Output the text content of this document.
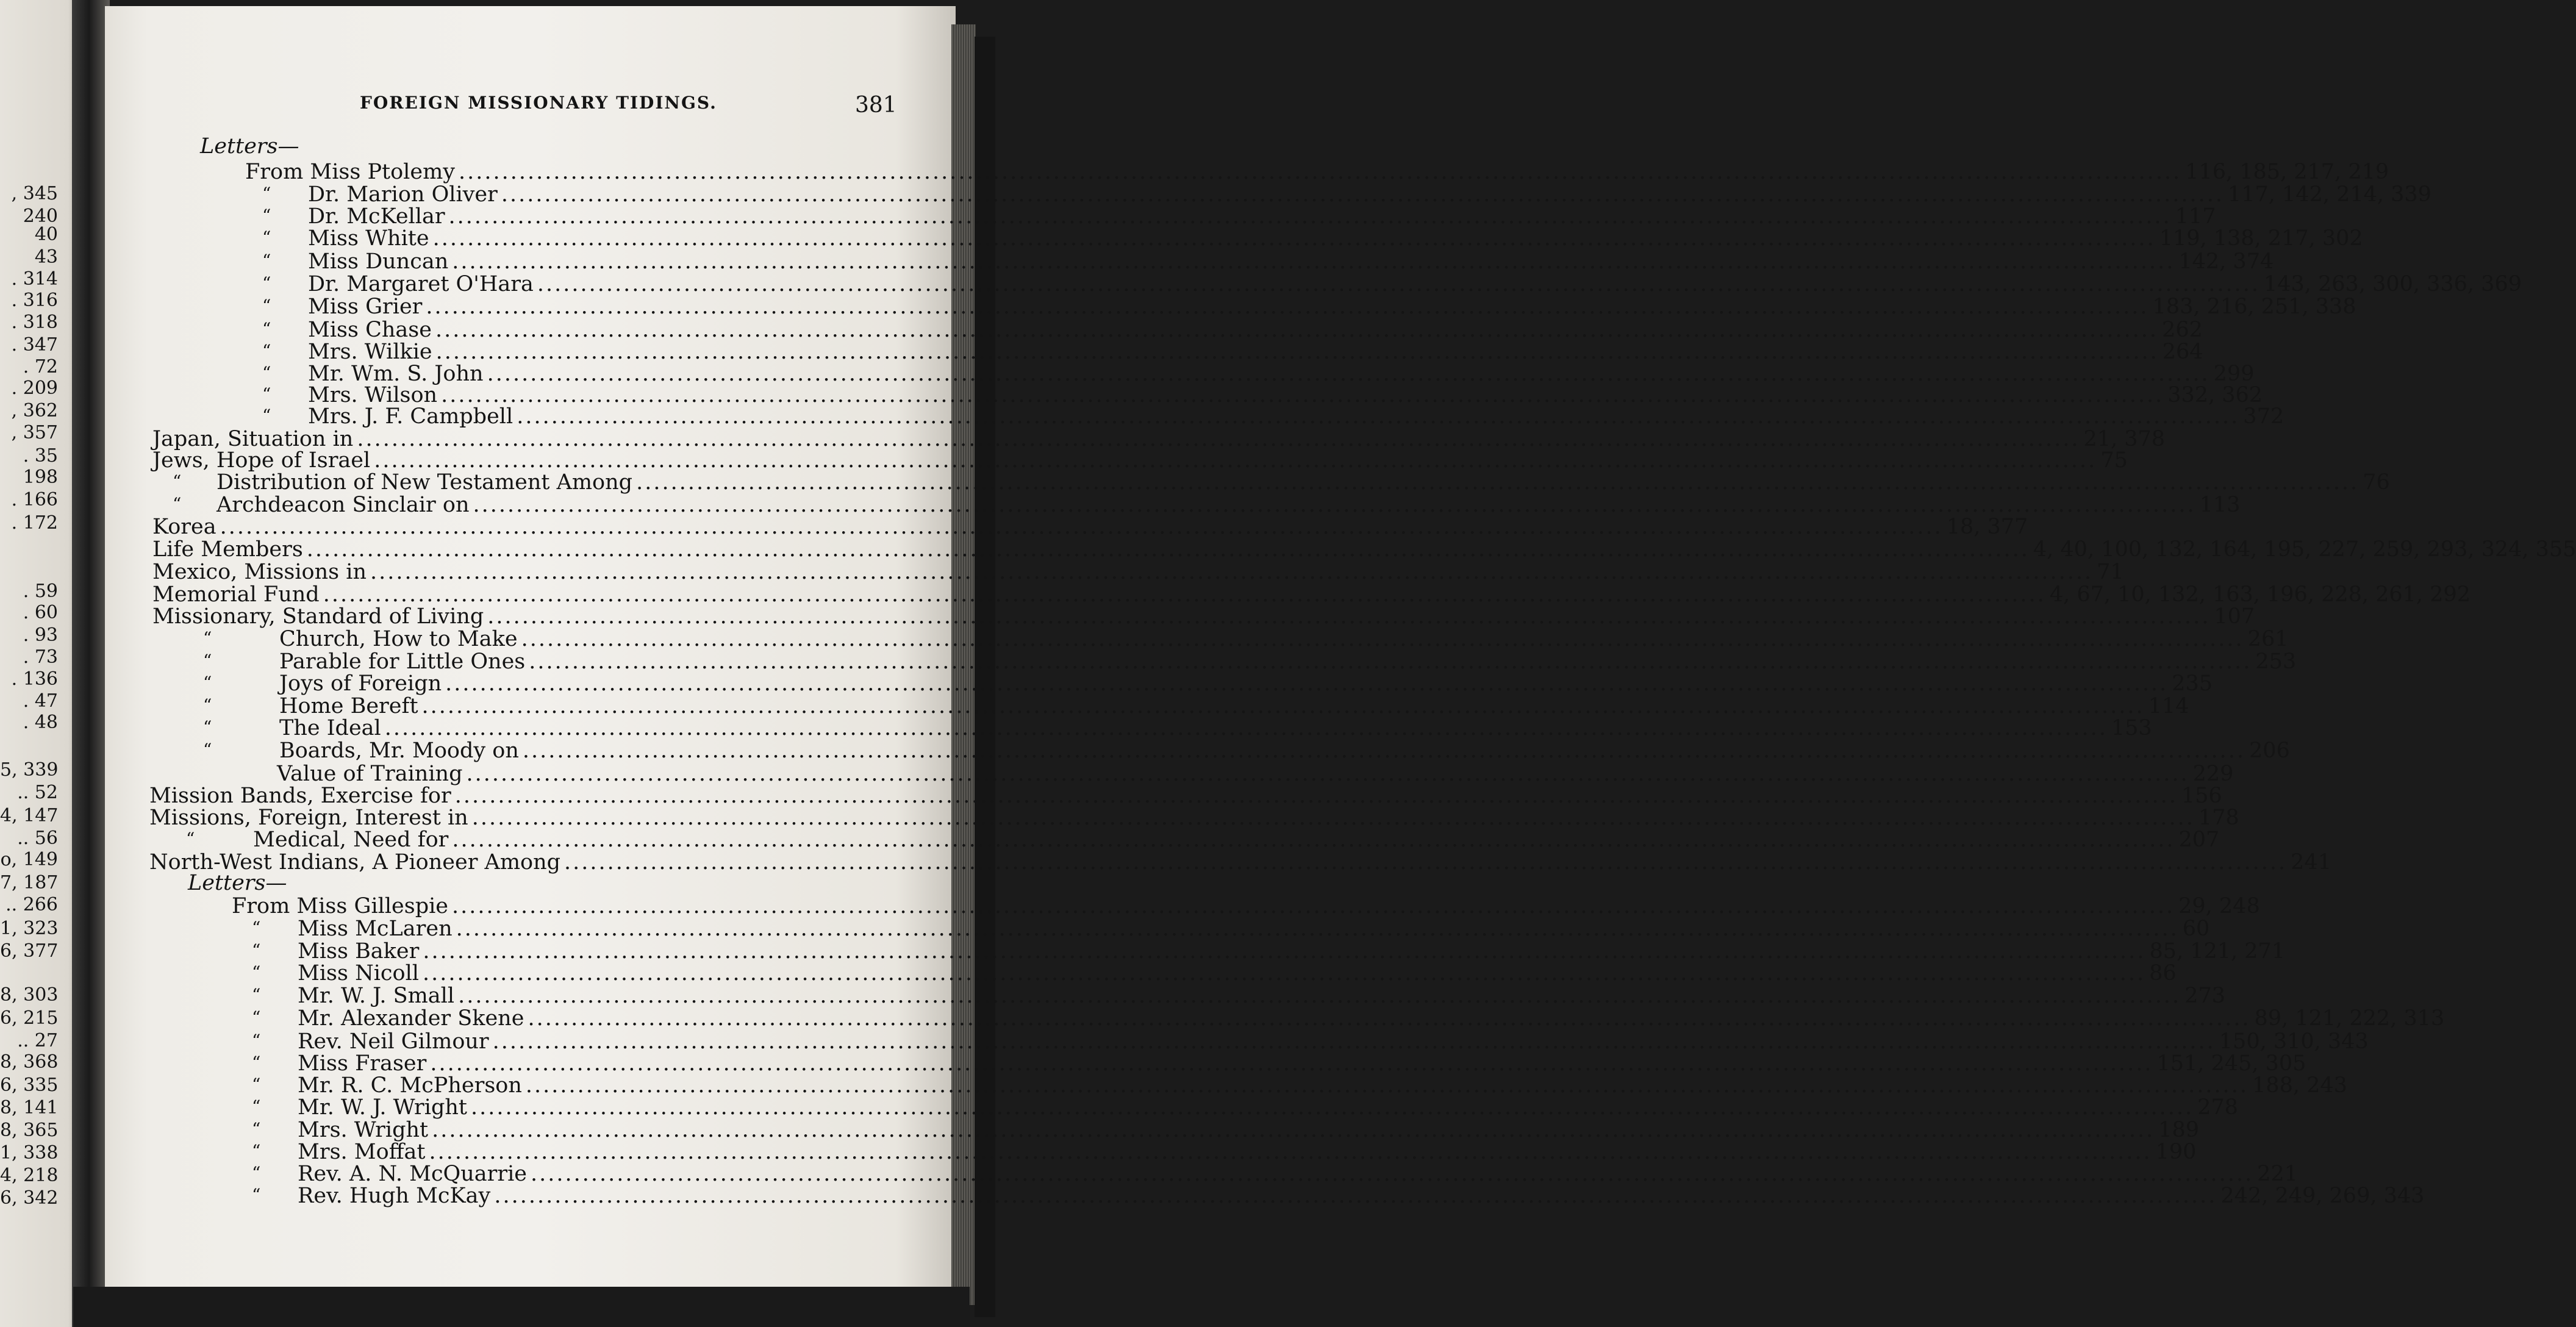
, 345
240
40
43
. 314
. 316
. 318
. 347
. 72
. 209
, 362
, 357
. 35
198
. 166
. 172
. 59
. 60
. 93
. 73
. 136
. 47
. 48
5, 339
.. 52
4, 147
.. 56
o, 149
7, 187
.. 266
1, 323
6, 377
8, 303
6, 215
.. 27
8, 368
6, 335
8, 141
8, 365
1, 338
4, 218
6, 342
FOREIGN MISSIONARY TIDINGS.	381
Letters—
From Miss Ptolemy ........................................................................................................................................................................................................ 116, 185, 217, 219
Dr. Marion Oliver ........................................................................................................................................................................................................ 117, 142, 214, 339
“
Dr. McKellar ........................................................................................................................................................................................................ 117
“
Miss White ........................................................................................................................................................................................................ 119, 138, 217, 302
“
Miss Duncan ........................................................................................................................................................................................................ 142, 374
“
Dr. Margaret O'Hara ........................................................................................................................................................................................................ 143, 263, 300, 336, 369
“
Miss Grier ........................................................................................................................................................................................................ 183, 216, 251, 338
“
Miss Chase ........................................................................................................................................................................................................ 262
“
Mrs. Wilkie ........................................................................................................................................................................................................ 264
“
Mr. Wm. S. John ........................................................................................................................................................................................................ 299
“
Mrs. Wilson ........................................................................................................................................................................................................ 332, 362
“
Mrs. J. F. Campbell ........................................................................................................................................................................................................ 372
“
Japan, Situation in ........................................................................................................................................................................................................ 21, 378
Jews, Hope of Israel ........................................................................................................................................................................................................ 75
Distribution of New Testament Among ........................................................................................................................................................................................................ 76
“
Archdeacon Sinclair on ........................................................................................................................................................................................................ 113
“
Korea ........................................................................................................................................................................................................ 18, 377
Life Members ........................................................................................................................................................................................................ 4, 40, 100, 132, 164, 195, 227, 259, 293, 324, 355
Mexico, Missions in ........................................................................................................................................................................................................ 71
Memorial Fund ........................................................................................................................................................................................................ 4, 67, 10, 132, 163, 196, 228, 261, 292
Missionary, Standard of Living ........................................................................................................................................................................................................ 107
Church, How to Make ........................................................................................................................................................................................................ 261
“
Parable for Little Ones ........................................................................................................................................................................................................ 253
“
Joys of Foreign ........................................................................................................................................................................................................ 235
“
Home Bereft ........................................................................................................................................................................................................ 114
“
The Ideal ........................................................................................................................................................................................................ 153
“
Boards, Mr. Moody on ........................................................................................................................................................................................................ 206
“
Value of Training ........................................................................................................................................................................................................ 229
Mission Bands, Exercise for ........................................................................................................................................................................................................ 156
Missions, Foreign, Interest in ........................................................................................................................................................................................................ 178
Medical, Need for ........................................................................................................................................................................................................ 207
“
North-West Indians, A Pioneer Among ........................................................................................................................................................................................................ 241
Letters—
From Miss Gillespie ........................................................................................................................................................................................................ 29, 248
Miss McLaren ........................................................................................................................................................................................................ 60
“
Miss Baker ........................................................................................................................................................................................................ 85, 121, 271
“
Miss Nicoll ........................................................................................................................................................................................................ 86
“
Mr. W. J. Small ........................................................................................................................................................................................................ 273
“
Mr. Alexander Skene ........................................................................................................................................................................................................ 89, 121, 222, 313
“
Rev. Neil Gilmour ........................................................................................................................................................................................................ 150, 310, 343
“
Miss Fraser ........................................................................................................................................................................................................ 151, 245, 305
“
Mr. R. C. McPherson ........................................................................................................................................................................................................ 188, 243
“
Mr. W. J. Wright ........................................................................................................................................................................................................ 278
“
Mrs. Wright ........................................................................................................................................................................................................ 189
“
Mrs. Moffat ........................................................................................................................................................................................................ 190
“
Rev. A. N. McQuarrie ........................................................................................................................................................................................................ 221
“
Rev. Hugh McKay ........................................................................................................................................................................................................ 242, 249, 269, 343
“
